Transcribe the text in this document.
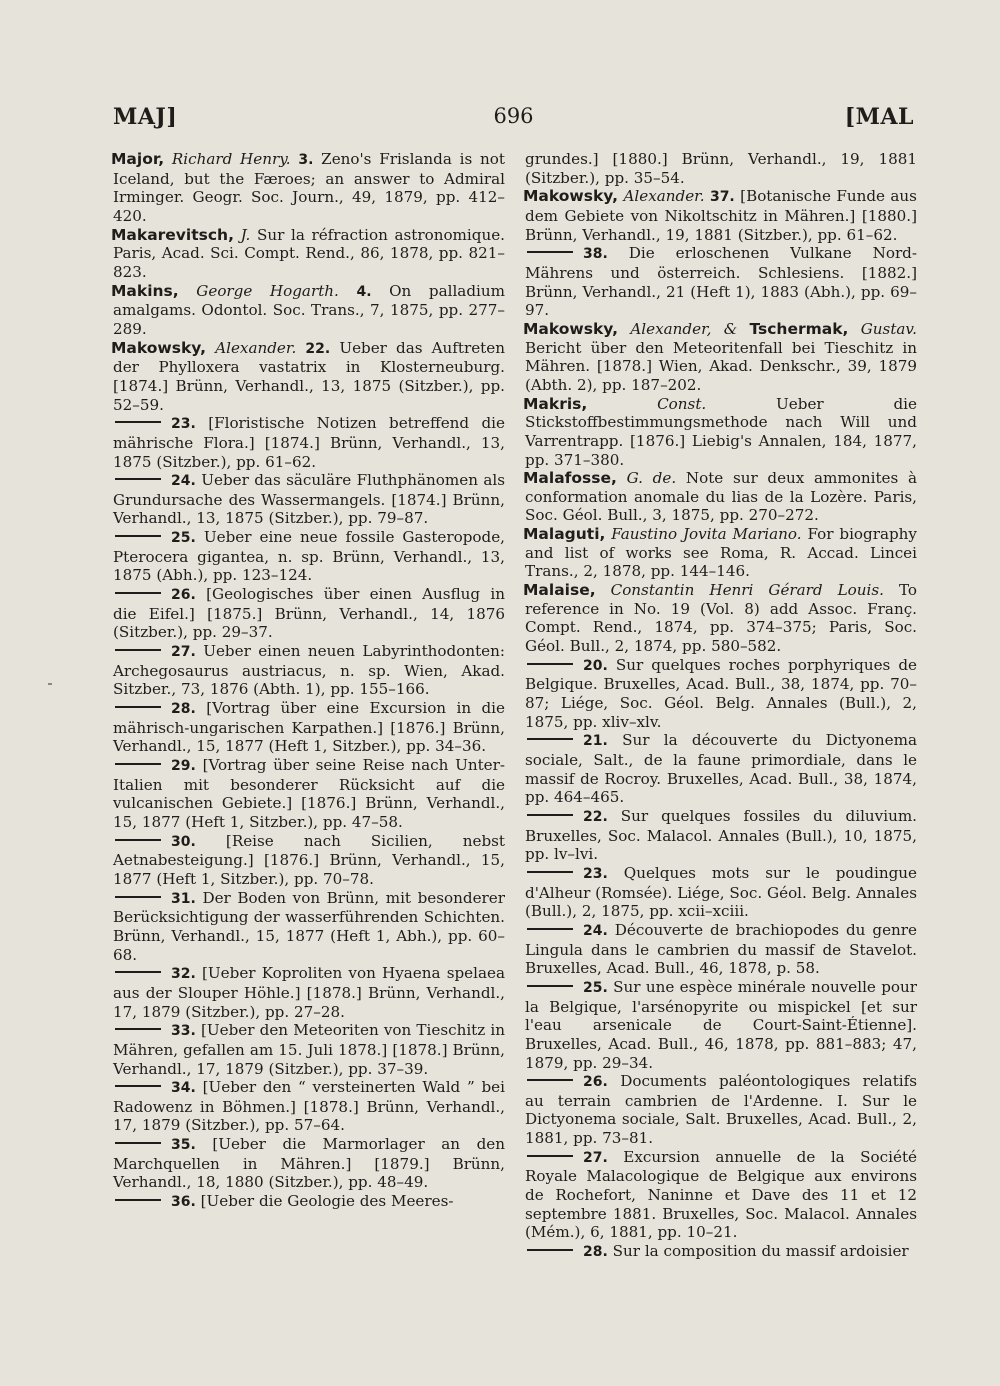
MAJ]	696	[MAL

Major, Richard Henry. 3. Zeno's Frislanda is not Iceland, but the Færoes; an answer to Admiral Irminger. Geogr. Soc. Journ., 49, 1879, pp. 412–420.

Makarevitsch, J. Sur la réfraction astronomique. Paris, Acad. Sci. Compt. Rend., 86, 1878, pp. 821–823.

Makins, George Hogarth. 4. On palladium amalgams. Odontol. Soc. Trans., 7, 1875, pp. 277–289.

Makowsky, Alexander. 22. Ueber das Auftreten der Phylloxera vastatrix in Klosterneuburg. [1874.] Brünn, Verhandl., 13, 1875 (Sitzber.), pp. 52–59.

23. [Floristische Notizen betreffend die mährische Flora.] [1874.] Brünn, Verhandl., 13, 1875 (Sitzber.), pp. 61–62.

24. Ueber das säculäre Fluthphänomen als Grundursache des Wassermangels. [1874.] Brünn, Verhandl., 13, 1875 (Sitzber.), pp. 79–87.

25. Ueber eine neue fossile Gasteropode, Pterocera gigantea, n. sp. Brünn, Verhandl., 13, 1875 (Abh.), pp. 123–124.

26. [Geologisches über einen Ausflug in die Eifel.] [1875.] Brünn, Verhandl., 14, 1876 (Sitzber.), pp. 29–37.

27. Ueber einen neuen Labyrinthodonten: Archegosaurus austriacus, n. sp. Wien, Akad. Sitzber., 73, 1876 (Abth. 1), pp. 155–166.

28. [Vortrag über eine Excursion in die mährisch-ungarischen Karpathen.] [1876.] Brünn, Verhandl., 15, 1877 (Heft 1, Sitzber.), pp. 34–36.

29. [Vortrag über seine Reise nach Unter-Italien mit besonderer Rücksicht auf die vulcanischen Gebiete.] [1876.] Brünn, Verhandl., 15, 1877 (Heft 1, Sitzber.), pp. 47–58.

30. [Reise nach Sicilien, nebst Aetnabesteigung.] [1876.] Brünn, Verhandl., 15, 1877 (Heft 1, Sitzber.), pp. 70–78.

31. Der Boden von Brünn, mit besonderer Berücksichtigung der wasserführenden Schichten. Brünn, Verhandl., 15, 1877 (Heft 1, Abh.), pp. 60–68.

32. [Ueber Koproliten von Hyaena spelaea aus der Slouper Höhle.] [1878.] Brünn, Verhandl., 17, 1879 (Sitzber.), pp. 27–28.

33. [Ueber den Meteoriten von Tieschitz in Mähren, gefallen am 15. Juli 1878.] [1878.] Brünn, Verhandl., 17, 1879 (Sitzber.), pp. 37–39.

34. [Ueber den “ versteinerten Wald ” bei Radowenz in Böhmen.] [1878.] Brünn, Verhandl., 17, 1879 (Sitzber.), pp. 57–64.

35. [Ueber die Marmorlager an den Marchquellen in Mähren.] [1879.] Brünn, Verhandl., 18, 1880 (Sitzber.), pp. 48–49.

36. [Ueber die Geologie des Meeres-

grundes.] [1880.] Brünn, Verhandl., 19, 1881 (Sitzber.), pp. 35–54.

Makowsky, Alexander. 37. [Botanische Funde aus dem Gebiete von Nikoltschitz in Mähren.] [1880.] Brünn, Verhandl., 19, 1881 (Sitzber.), pp. 61–62.

38. Die erloschenen Vulkane Nord-Mährens und österreich. Schlesiens. [1882.] Brünn, Verhandl., 21 (Heft 1), 1883 (Abh.), pp. 69–97.

Makowsky, Alexander, & Tschermak, Gustav. Bericht über den Meteoritenfall bei Tieschitz in Mähren. [1878.] Wien, Akad. Denkschr., 39, 1879 (Abth. 2), pp. 187–202.

Makris,	Const.	Ueber die Stickstoffbestimmungsmethode nach Will und Varrentrapp. [1876.] Liebig's Annalen, 184, 1877, pp. 371–380.

Malafosse, G. de. Note sur deux ammonites à conformation anomale du lias de la Lozère. Paris, Soc. Géol. Bull., 3, 1875, pp. 270–272.

Malaguti, Faustino Jovita Mariano. For biography and list of works see Roma, R. Accad. Lincei Trans., 2, 1878, pp. 144–146.

Malaise, Constantin Henri Gérard Louis. To reference in No. 19 (Vol. 8) add Assoc. Franç. Compt. Rend., 1874, pp. 374–375; Paris, Soc. Géol. Bull., 2, 1874, pp. 580–582.

20. Sur quelques roches porphyriques de Belgique. Bruxelles, Acad. Bull., 38, 1874, pp. 70–87; Liége, Soc. Géol. Belg. Annales (Bull.), 2, 1875, pp. xliv–xlv.

21. Sur la découverte du Dictyonema sociale, Salt., de la faune primordiale, dans le massif de Rocroy. Bruxelles, Acad. Bull., 38, 1874, pp. 464–465.

22. Sur quelques fossiles du diluvium. Bruxelles, Soc. Malacol. Annales (Bull.), 10, 1875, pp. lv–lvi.

23. Quelques mots sur le poudingue d'Alheur (Romsée). Liége, Soc. Géol. Belg. Annales (Bull.), 2, 1875, pp. xcii–xciii.

24. Découverte de brachiopodes du genre Lingula dans le cambrien du massif de Stavelot. Bruxelles, Acad. Bull., 46, 1878, p. 58.

25. Sur une espèce minérale nouvelle pour la Belgique, l'arsénopyrite ou mispickel [et sur l'eau arsenicale de Court-Saint-Étienne]. Bruxelles, Acad. Bull., 46, 1878, pp. 881–883; 47, 1879, pp. 29–34.

26. Documents paléontologiques relatifs au terrain cambrien de l'Ardenne. I. Sur le Dictyonema sociale, Salt. Bruxelles, Acad. Bull., 2, 1881, pp. 73–81.

27. Excursion annuelle de la Société Royale Malacologique de Belgique aux environs de Rochefort, Naninne et Dave des 11 et 12 septembre 1881. Bruxelles, Soc. Malacol. Annales (Mém.), 6, 1881, pp. 10–21.

28. Sur la composition du massif ardoisier
